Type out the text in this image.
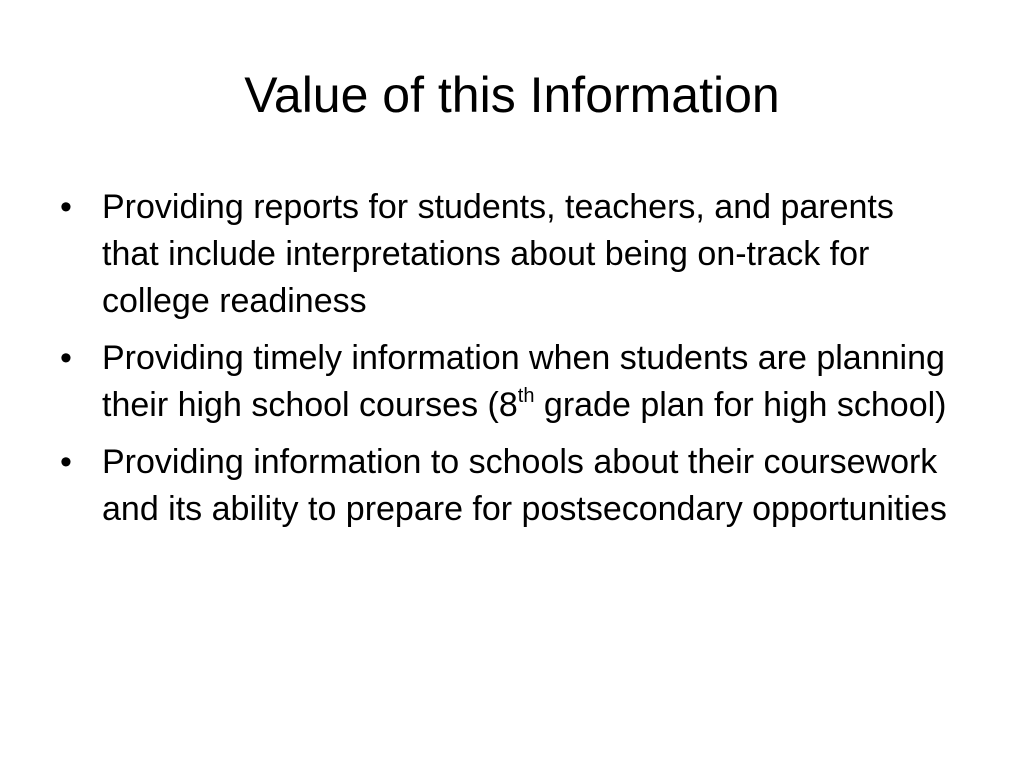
Value of this Information
• Providing reports for students, teachers, and parents that include interpretations about being on-track for college readiness
• Providing timely information when students are planning their high school courses (8th grade plan for high school)
• Providing information to schools about their coursework and its ability to prepare for postsecondary opportunities
